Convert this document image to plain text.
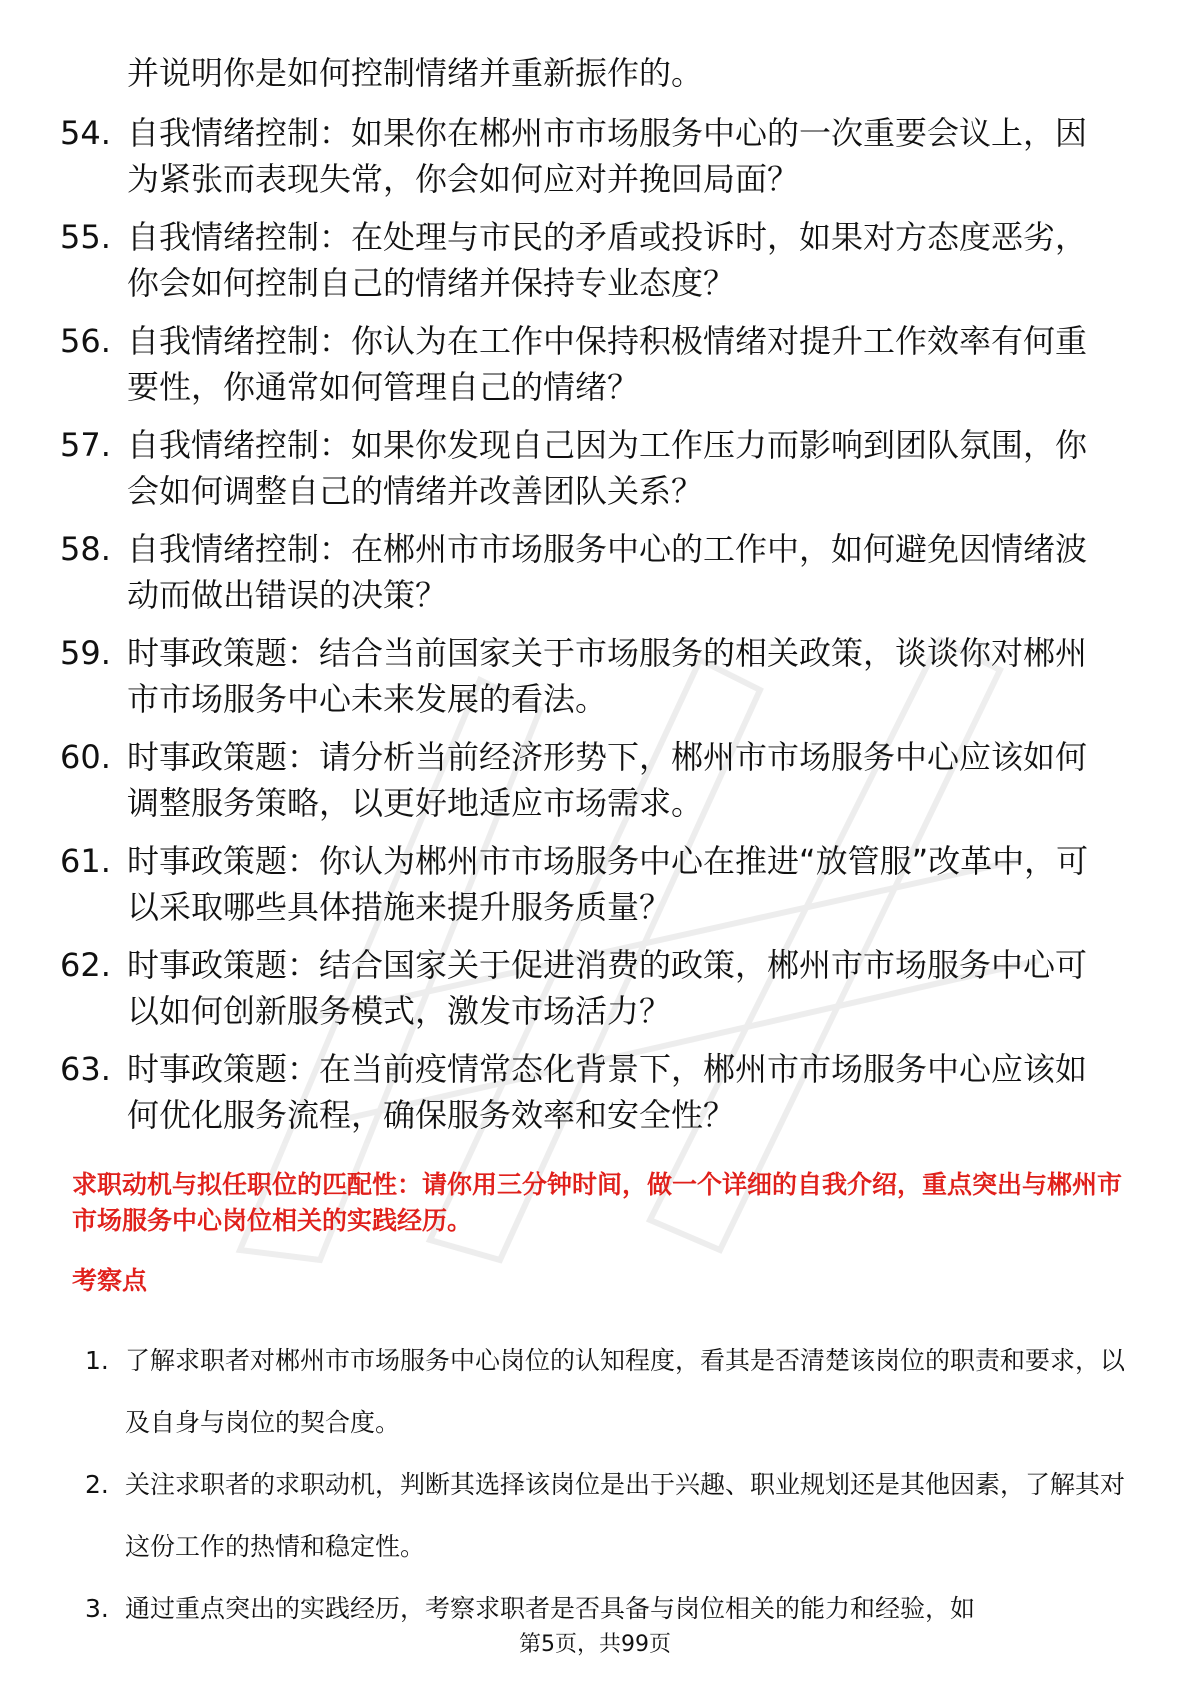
并说明你是如何控制情绪并重新振作的。
54. 自我情绪控制：如果你在郴州市市场服务中心的一次重要会议上，因为紧张而表现失常，你会如何应对并挽回局面？
55. 自我情绪控制：在处理与市民的矛盾或投诉时，如果对方态度恶劣，你会如何控制自己的情绪并保持专业态度？
56. 自我情绪控制：你认为在工作中保持积极情绪对提升工作效率有何重要性，你通常如何管理自己的情绪？
57. 自我情绪控制：如果你发现自己因为工作压力而影响到团队氛围，你会如何调整自己的情绪并改善团队关系？
58. 自我情绪控制：在郴州市市场服务中心的工作中，如何避免因情绪波动而做出错误的决策？
59. 时事政策题：结合当前国家关于市场服务的相关政策，谈谈你对郴州市市场服务中心未来发展的看法。
60. 时事政策题：请分析当前经济形势下，郴州市市场服务中心应该如何调整服务策略，以更好地适应市场需求。
61. 时事政策题：你认为郴州市市场服务中心在推进“放管服”改革中，可以采取哪些具体措施来提升服务质量？
62. 时事政策题：结合国家关于促进消费的政策，郴州市市场服务中心可以如何创新服务模式，激发市场活力？
63. 时事政策题：在当前疫情常态化背景下，郴州市市场服务中心应该如何优化服务流程，确保服务效率和安全性？
求职动机与拟任职位的匹配性：请你用三分钟时间，做一个详细的自我介绍，重点突出与郴州市市场服务中心岗位相关的实践经历。
考察点
1. 了解求职者对郴州市市场服务中心岗位的认知程度，看其是否清楚该岗位的职责和要求，以及自身与岗位的契合度。
2. 关注求职者的求职动机，判断其选择该岗位是出于兴趣、职业规划还是其他因素，了解其对这份工作的热情和稳定性。
3. 通过重点突出的实践经历，考察求职者是否具备与岗位相关的能力和经验，如
第5页，共99页
